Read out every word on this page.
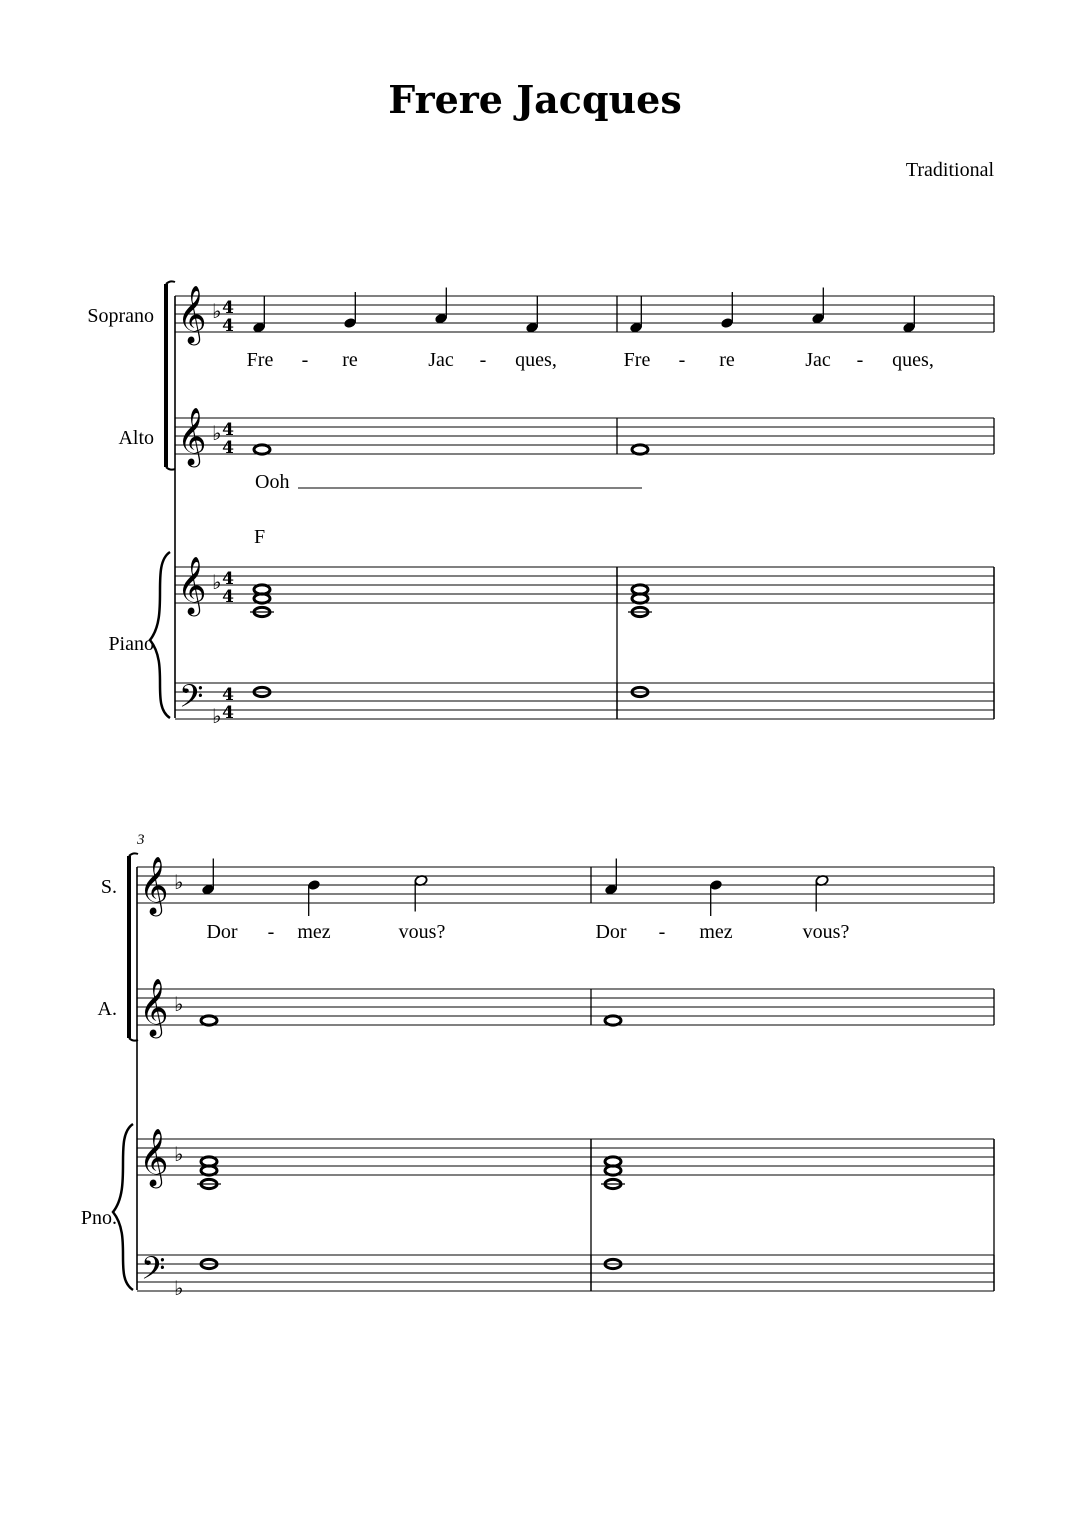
Frere Jacques
Traditional
Soprano
Alto
Piano
𝄞 ♭ 4
4
𝄞 ♭ 4
4
𝄞 ♭ 4
4
𝄢 ♭
4
4
F
Ooh
Fre - re	Jac - ques,	Fre - re	Jac - ques,
3
S.
A.
Pno.
𝄞 ♭
𝄞 ♭
𝄞 ♭
𝄢 ♭
Dor - mez	vous?	Dor - mez	vous?
